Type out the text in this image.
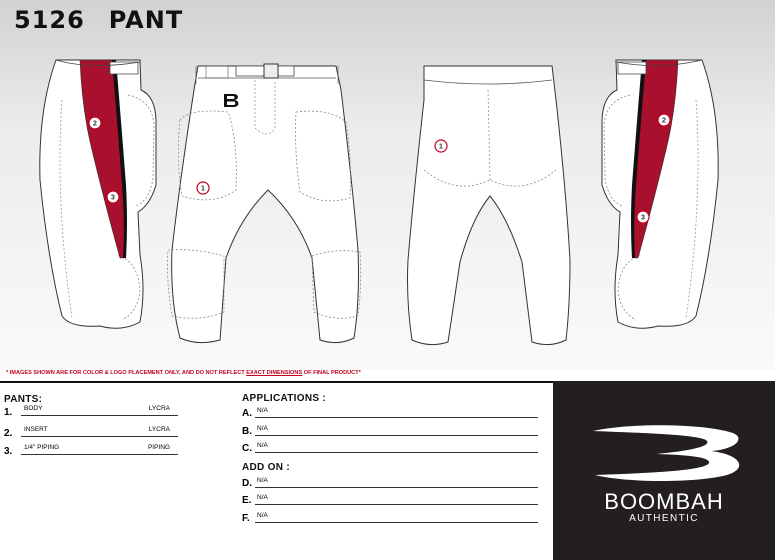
5126 PANT
2
3
1
1
2
3
* IMAGES SHOWN ARE FOR COLOR & LOGO PLACEMENT ONLY, AND DO NOT REFLECT EXACT DIMENSIONS OF FINAL PRODUCT*
PANTS:
1. BODY	LYCRA
2. INSERT	LYCRA
3. 1/4" PIPING	PIPING
APPLICATIONS :
A. N/A
B. N/A
C. N/A
ADD ON :
D. N/A
E. N/A
F. N/A
BOOMBAH
AUTHENTIC
